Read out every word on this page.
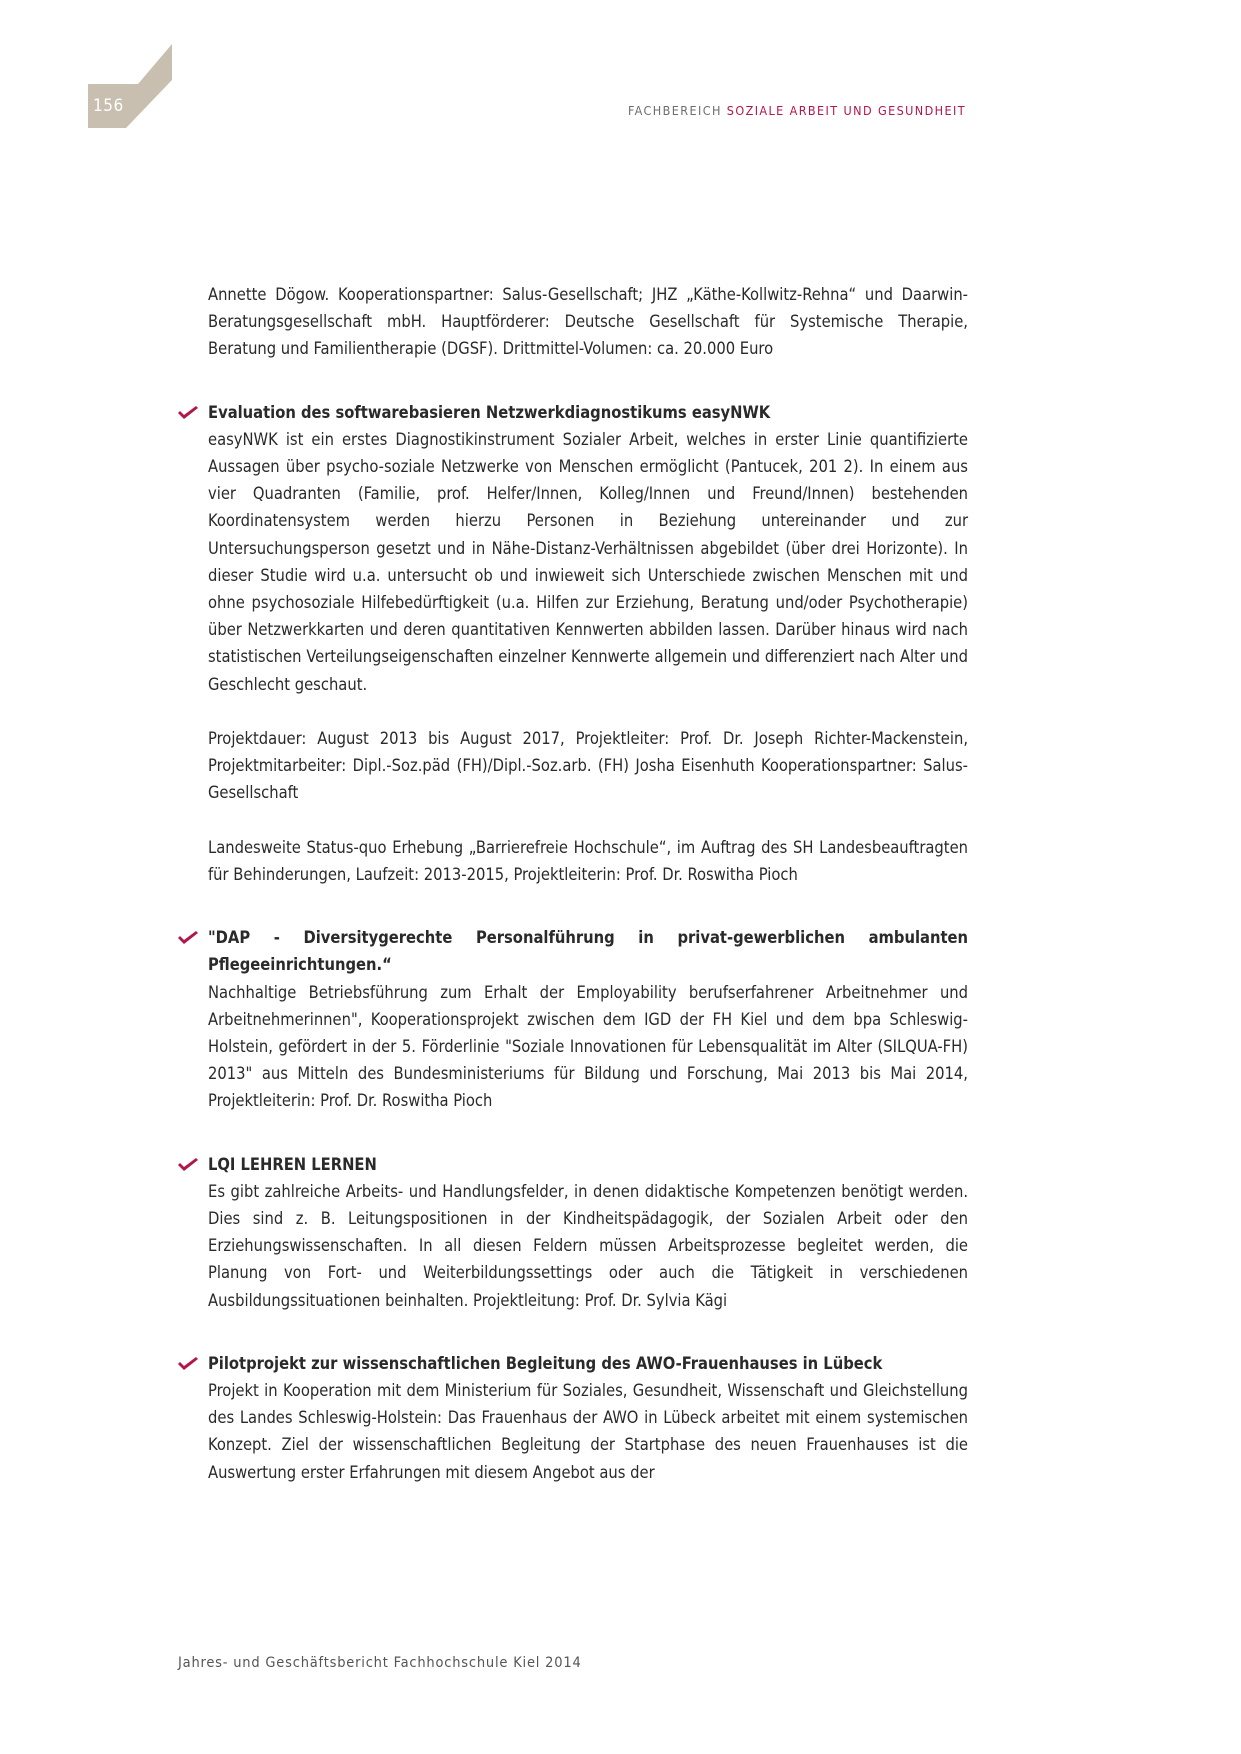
156	FACHBEREICH SOZIALE ARBEIT UND GESUNDHEIT

Annette Dögow. Kooperationspartner: Salus-Gesellschaft; JHZ „Käthe-Kollwitz-Rehna“ und Daarwin-Beratungsgesellschaft mbH. Hauptförderer: Deutsche Gesellschaft für Systemische Therapie, Beratung und Familientherapie (DGSF). Drittmittel-Volumen: ca. 20.000 Euro

Evaluation des softwarebasieren Netzwerkdiagnostikums easyNWK

easyNWK ist ein erstes Diagnostikinstrument Sozialer Arbeit, welches in erster Linie quantifizierte Aussagen über psycho-soziale Netzwerke von Menschen ermöglicht (Pantucek, 201 2). In einem aus vier Quadranten (Familie, prof. Helfer/Innen, Kolleg/Innen und Freund/Innen) bestehenden Koordinatensystem werden hierzu Personen in Beziehung untereinander und zur Untersuchungsperson gesetzt und in Nähe-Distanz-Verhältnissen abgebildet (über drei Horizonte). In dieser Studie wird u.a. untersucht ob und inwieweit sich Unterschiede zwischen Menschen mit und ohne psychosoziale Hilfebedürftigkeit (u.a. Hilfen zur Erziehung, Beratung und/oder Psychotherapie) über Netzwerkkarten und deren quantitativen Kennwerten abbilden lassen. Darüber hinaus wird nach statistischen Verteilungseigenschaften einzelner Kennwerte allgemein und differenziert nach Alter und Geschlecht geschaut.

Projektdauer: August 2013 bis August 2017, Projektleiter: Prof. Dr. Joseph Richter-Mackenstein, Projektmitarbeiter: Dipl.-Soz.päd (FH)/Dipl.-Soz.arb. (FH) Josha Eisenhuth Kooperationspartner: Salus-Gesellschaft

Landesweite Status-quo Erhebung „Barrierefreie Hochschule“, im Auftrag des SH Landesbeauftragten für Behinderungen, Laufzeit: 2013-2015, Projektleiterin: Prof. Dr. Roswitha Pioch

"DAP - Diversitygerechte Personalführung in privat-gewerblichen ambulanten Pflegeeinrichtungen.“

Nachhaltige Betriebsführung zum Erhalt der Employability berufserfahrener Arbeitnehmer und Arbeitnehmerinnen", Kooperationsprojekt zwischen dem IGD der FH Kiel und dem bpa Schleswig-Holstein, gefördert in der 5. Förderlinie "Soziale Innovationen für Lebensqualität im Alter (SILQUA-FH) 2013" aus Mitteln des Bundesministeriums für Bildung und Forschung, Mai 2013 bis Mai 2014, Projektleiterin: Prof. Dr. Roswitha Pioch

LQI LEHREN LERNEN

Es gibt zahlreiche Arbeits- und Handlungsfelder, in denen didaktische Kompetenzen benötigt werden. Dies sind z. B. Leitungspositionen in der Kindheitspädagogik, der Sozialen Arbeit oder den Erziehungswissenschaften. In all diesen Feldern müssen Arbeitsprozesse begleitet werden, die Planung von Fort- und Weiterbildungssettings oder auch die Tätigkeit in verschiedenen Ausbildungssituationen beinhalten. Projektleitung: Prof. Dr. Sylvia Kägi

Pilotprojekt zur wissenschaftlichen Begleitung des AWO-Frauenhauses in Lübeck

Projekt in Kooperation mit dem Ministerium für Soziales, Gesundheit, Wissenschaft und Gleichstellung des Landes Schleswig-Holstein: Das Frauenhaus der AWO in Lübeck arbeitet mit einem systemischen Konzept. Ziel der wissenschaftlichen Begleitung der Startphase des neuen Frauenhauses ist die Auswertung erster Erfahrungen mit diesem Angebot aus der

Jahres- und Geschäftsbericht Fachhochschule Kiel 2014
